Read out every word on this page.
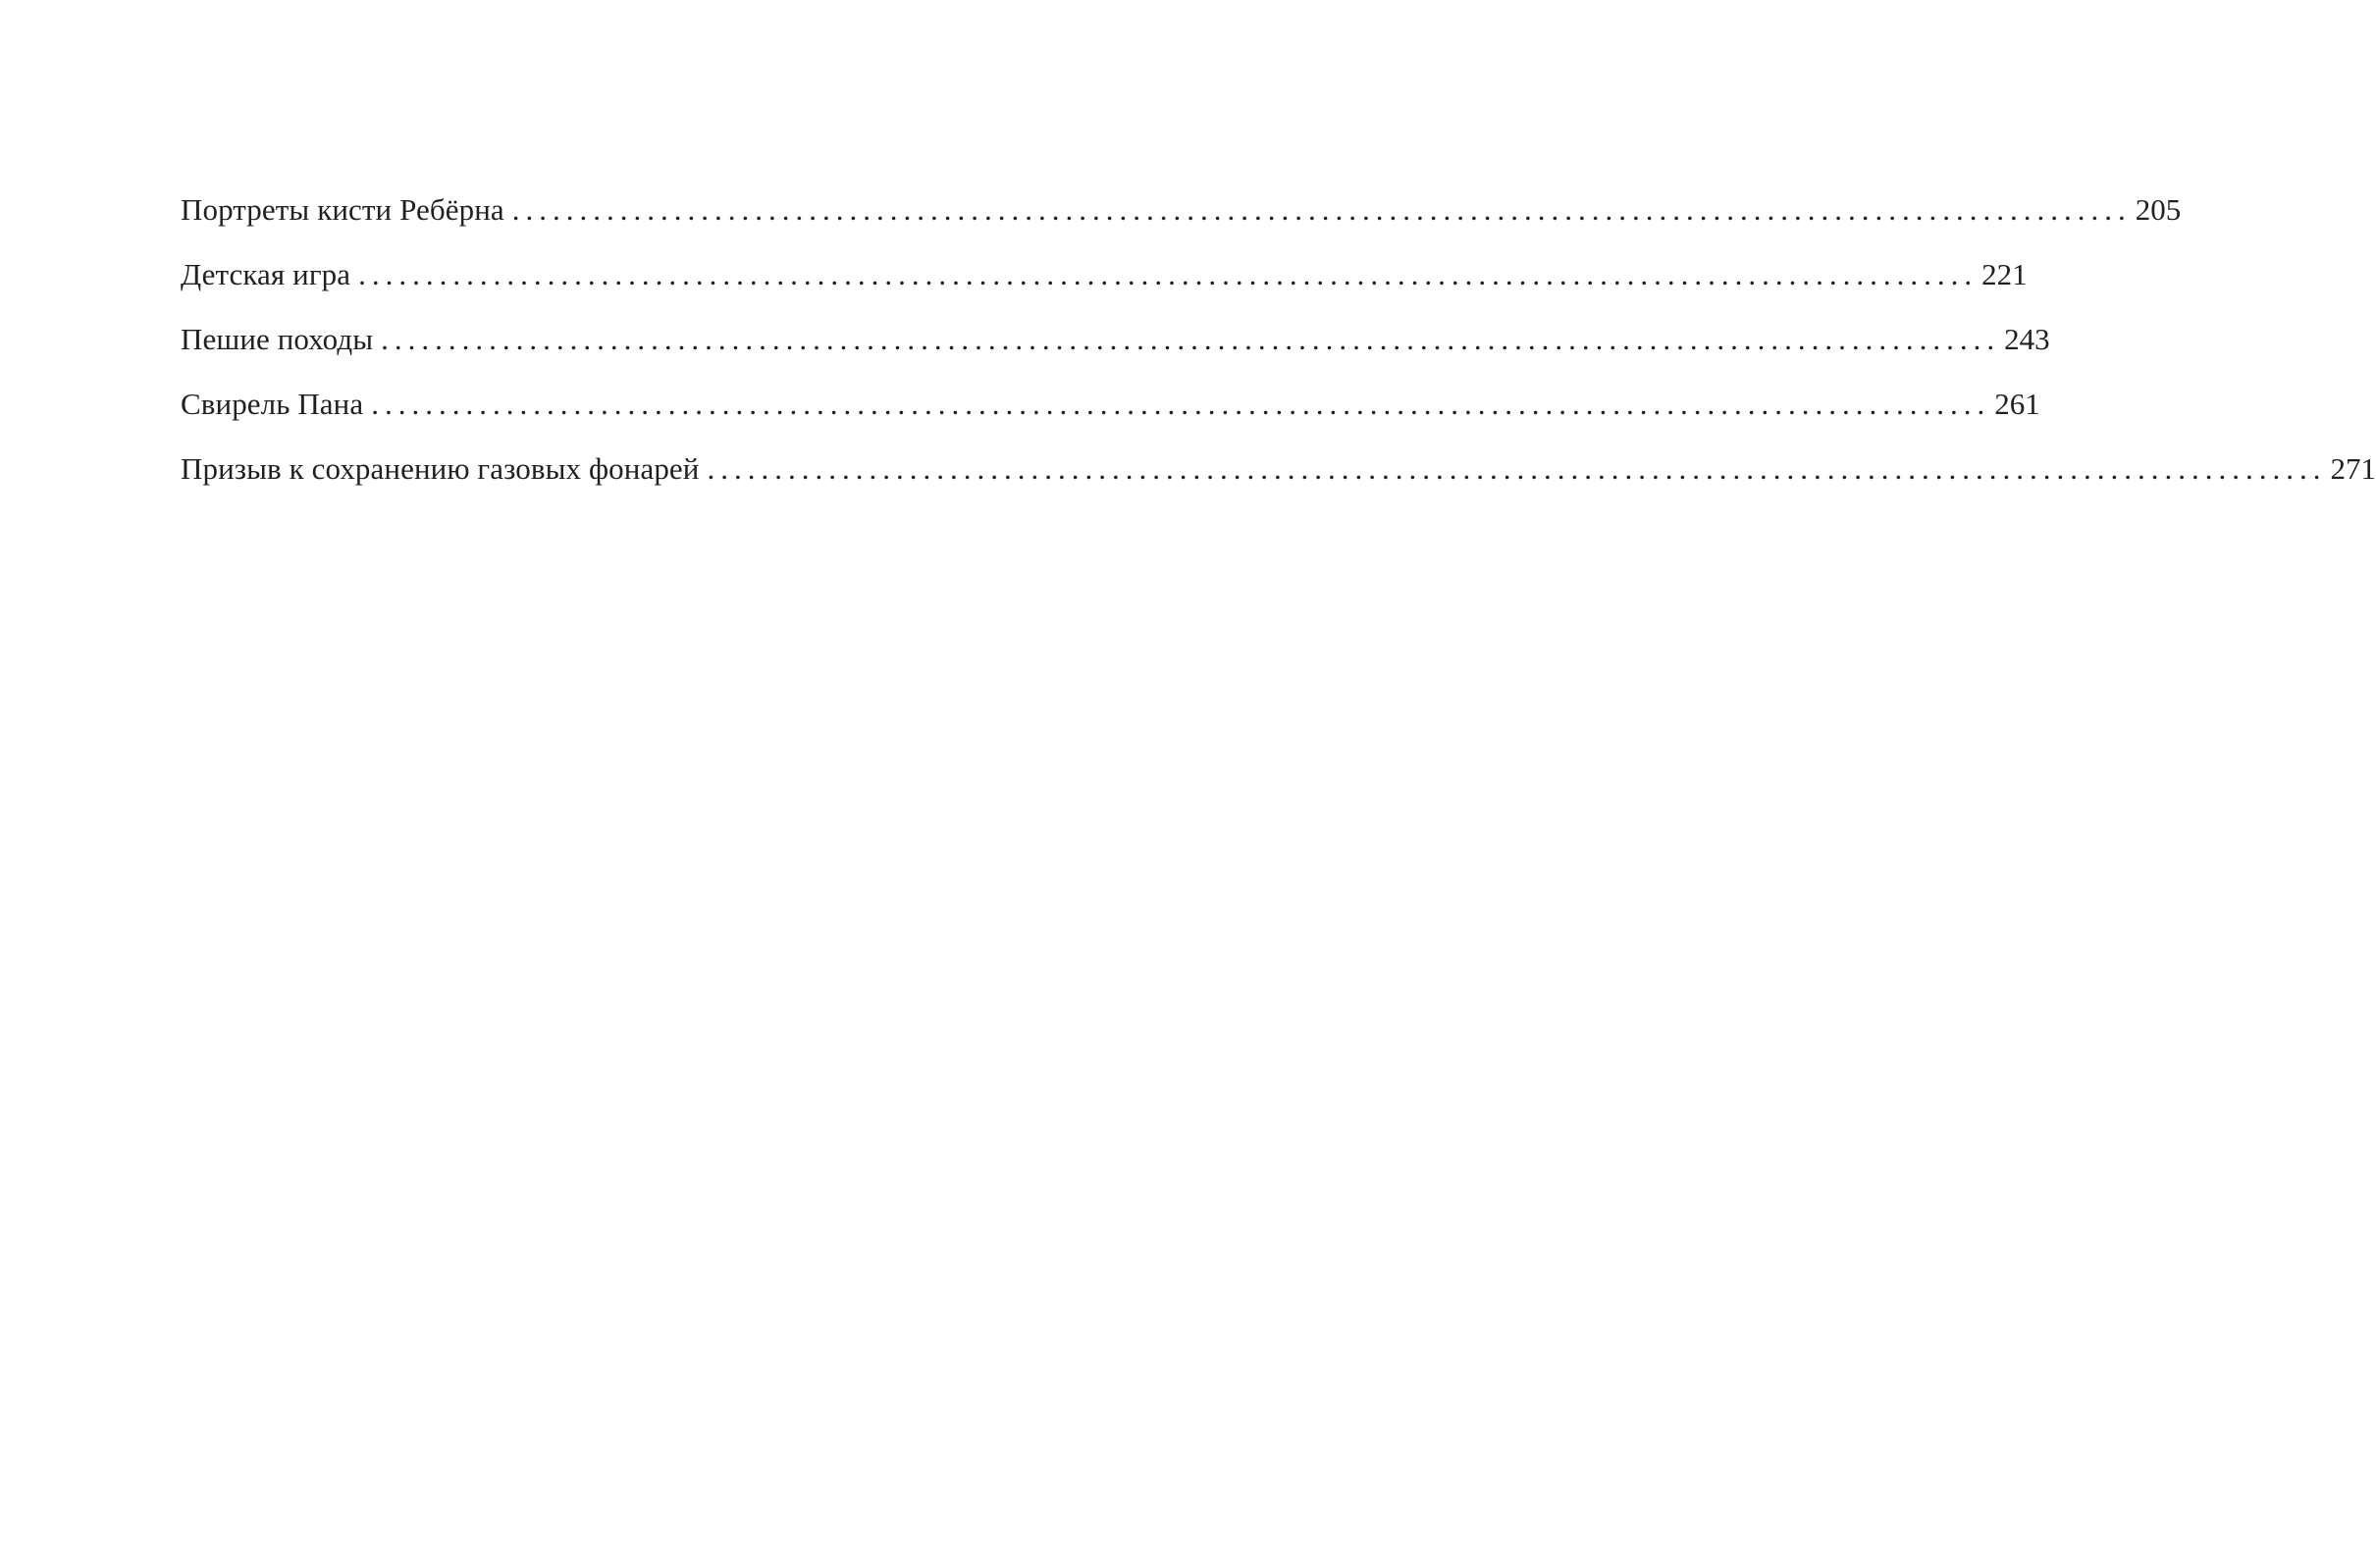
Портреты кисти Ребёрна ........................................................................................................................ 205
Детская игра ........................................................................................................................ 221
Пешие походы ........................................................................................................................ 243
Свирель Пана ........................................................................................................................ 261
Призыв к сохранению газовых фонарей ........................................................................................................................ 271
